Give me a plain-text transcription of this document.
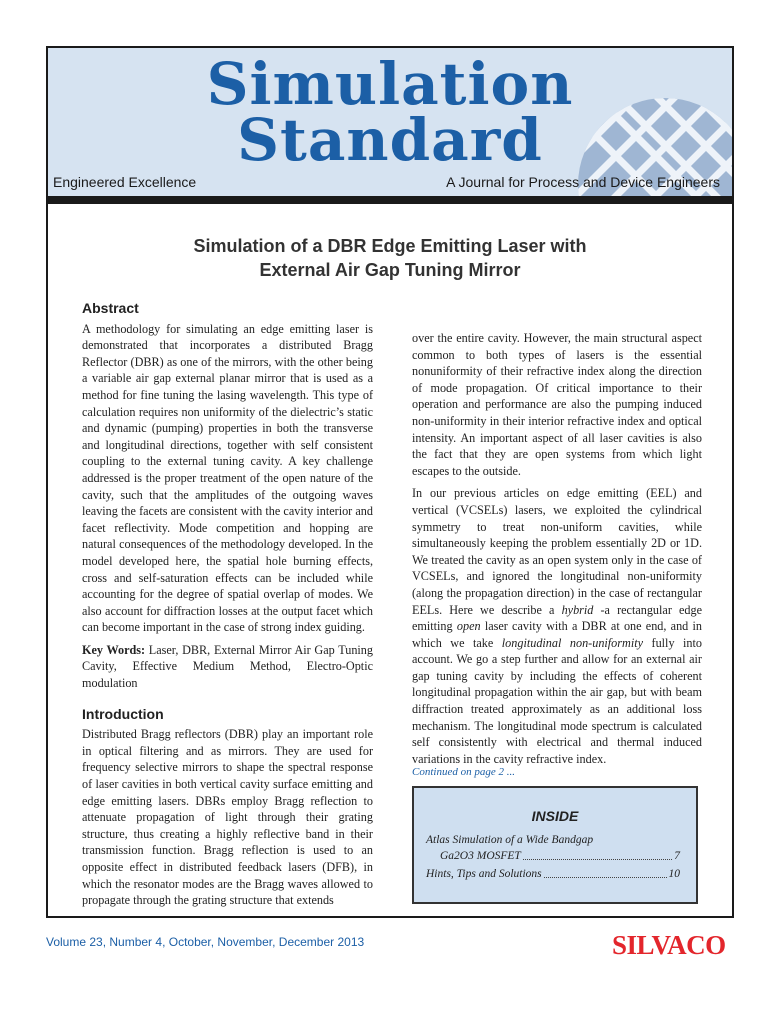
Simulation
Standard
Engineered Excellence	A Journal for Process and Device Engineers
Simulation of a DBR Edge Emitting Laser with
External Air Gap Tuning Mirror
Abstract

A methodology for simulating an edge emitting laser is demonstrated that incorporates a distributed Bragg Reflector (DBR) as one of the mirrors, with the other being a variable air gap external planar mirror that is used as a method for fine tuning the lasing wavelength. This type of calculation requires non uniformity of the dielectric’s static and dynamic (pumping) properties in both the transverse and longitudinal directions, together with self consistent coupling to the external tuning cavity. A key challenge addressed is the proper treatment of the open nature of the cavity, such that the amplitudes of the outgoing waves leaving the facets are consistent with the cavity interior and facet reflectivity. Mode competition and hopping are natural consequences of the methodology developed. In the model developed here, the spatial hole burning effects, cross and self-saturation effects can be included while accounting for the degree of spatial overlap of modes. We also account for diffraction losses at the output facet which can become important in the case of strong index guiding.

Key Words: Laser, DBR, External Mirror Air Gap Tuning Cavity, Effective Medium Method, Electro-Optic modulation

Introduction

Distributed Bragg reflectors (DBR) play an important role in optical filtering and as mirrors. They are used for frequency selective mirrors to shape the spectral response of laser cavities in both vertical cavity surface emitting and edge emitting lasers. DBRs employ Bragg reflection to attenuate propagation of light through their grating structure, thus creating a highly reflective band in their transmission function. Bragg reflection is used to an opposite effect in distributed feedback lasers (DFB), in which the resonator modes are the Bragg waves allowed to propagate through the grating structure that extends

over the entire cavity. However, the main structural aspect common to both types of lasers is the essential nonuniformity of their refractive index along the direction of mode propagation. Of critical importance to their operation and performance are also the pumping induced non-uniformity in their interior refractive index and optical intensity. An important aspect of all laser cavities is also the fact that they are open systems from which light escapes to the outside.

In our previous articles on edge emitting (EEL) and vertical (VCSELs) lasers, we exploited the cylindrical symmetry to treat non-uniform cavities, while simultaneously keeping the problem essentially 2D or 1D. We treated the cavity as an open system only in the case of VCSELs, and ignored the longitudinal non-uniformity (along the propagation direction) in the case of rectangular EELs. Here we describe a hybrid -a rectangular edge emitting open laser cavity with a DBR at one end, and in which we take longitudinal non-uniformity fully into account. We go a step further and allow for an external air gap tuning cavity by including the effects of coherent longitudinal propagation within the air gap, but with beam diffraction treated approximately as an additional loss mechanism. The longitudinal mode spectrum is calculated self consistently with electrical and thermal induced variations in the cavity refractive index.

Continued on page 2 ...

INSIDE

Atlas Simulation of a Wide Bandgap
Ga2O3 MOSFET	7
Hints, Tips and Solutions	10
Volume 23, Number 4, October, November, December 2013	SILVACO
